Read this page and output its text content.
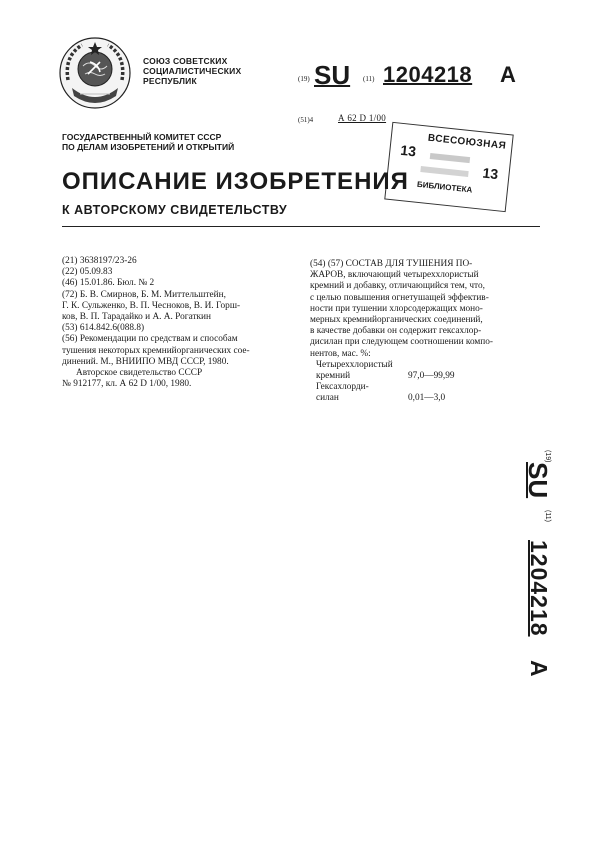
СОЮЗ СОВЕТСКИХ
СОЦИАЛИСТИЧЕСКИХ
РЕСПУБЛИК	(19) SU (11) 1204218 A
(51)4	А 62 D 1/00
ВСЕСОЮЗНАЯ
13
13
БИБЛИОТЕКА
ГОСУДАРСТВЕННЫЙ КОМИТЕТ СССР
ПО ДЕЛАМ ИЗОБРЕТЕНИЙ И ОТКРЫТИЙ
ОПИСАНИЕ ИЗОБРЕТЕНИЯ
К АВТОРСКОМУ СВИДЕТЕЛЬСТВУ
(21) 3638197/23-26
(22) 05.09.83
(46) 15.01.86. Бюл. № 2
(72) Б. В. Смирнов, Б. М. Миттельштейн,
Г. К. Сульженко, В. П. Чесноков, В. И. Горш-
ков, В. П. Тарадайко и А. А. Рогаткин
(53) 614.842.6(088.8)
(56) Рекомендации по средствам и способам
тушения некоторых кремнийорганических сое-
динений. М., ВНИИПО МВД СССР, 1980.
Авторское свидетельство СССР
№ 912177, кл. А 62 D 1/00, 1980.
(54) (57) СОСТАВ ДЛЯ ТУШЕНИЯ ПО-
ЖАРОВ, включающий четыреххлористый
кремний и добавку, отличающийся тем, что,
с целью повышения огнетушащей эффектив-
ности при тушении хлорсодержащих моно-
мерных кремнийорганических соединений,
в качестве добавки он содержит гексахлор-
дисилан при следующем соотношении компо-
нентов, мас. %:
Четыреххлористый
кремний	97,0—99,99
Гексахлорди-
силан	0,01—3,0
(19)
SU
(11)
1204218
A
